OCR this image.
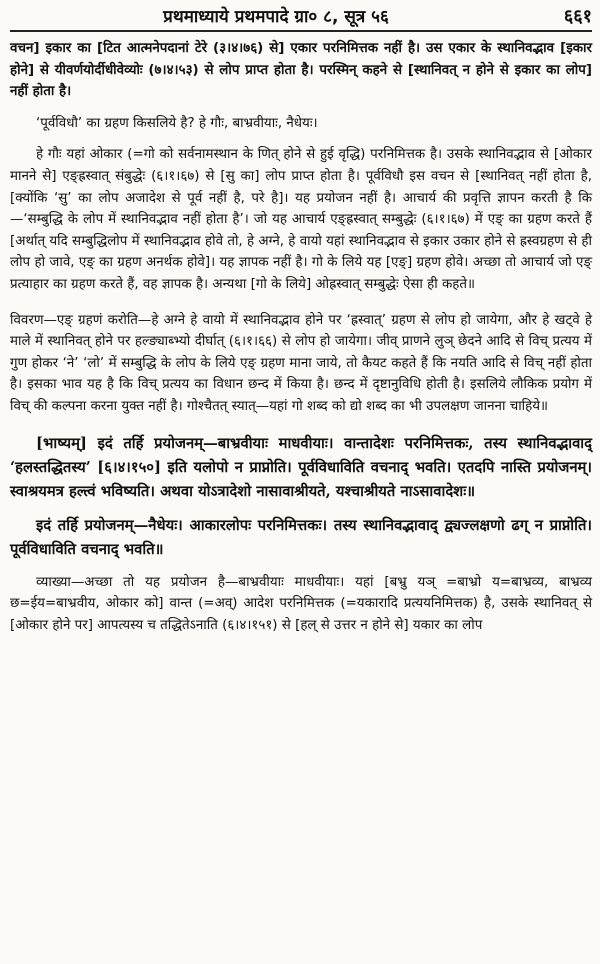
प्रथमाध्याये प्रथमपादे ग्रा० ८, सूत्र ५६	६६१

वचन] इकार का [टित आत्मनेपदानां टेरे (३।४।७६) से] एकार परनिमित्तक नहीं है। उस एकार के स्थानिवद्भाव [इकार होने] से यीवर्णयोर्दीधीवेव्योः (७।४।५३) से लोप प्राप्त होता है। परस्मिन् कहने से [स्थानिवत् न होने से इकार का लोप] नहीं होता है।

‘पूर्वविधौ’ का ग्रहण किसलिये है? हे गौः, बाभ्रवीयाः, नैधेयः।

हे गौः यहां ओकार (=गो को सर्वनामस्थान के णित् होने से हुई वृद्धि) परनिमित्तक है। उसके स्थानिवद्भाव से [ओकार मानने से] एङ्ह्रस्वात् संबुद्धेः (६।१।६७) से [सु का] लोप प्राप्त होता है। पूर्वविधौ इस वचन से [स्थानिवत् नहीं होता है, [क्योंकि ‘सु’ का लोप अजादेश से पूर्व नहीं है, परे है]। यह प्रयोजन नहीं है। आचार्य की प्रवृत्ति ज्ञापन करती है कि—‘सम्बुद्धि के लोप में स्थानिवद्भाव नहीं होता है’। जो यह आचार्य एङ्ह्रस्वात् सम्बुद्धेः (६।१।६७) में एङ् का ग्रहण करते हैं [अर्थात् यदि सम्बुद्धिलोप में स्थानिवद्भाव होवे तो, हे अग्ने, हे वायो यहां स्थानिवद्भाव से इकार उकार होने से ह्रस्वग्रहण से ही लोप हो जावे, एङ् का ग्रहण अनर्थक होवे]। यह ज्ञापक नहीं है। गो के लिये यह [एङ्] ग्रहण होवे। अच्छा तो आचार्य जो एङ् प्रत्याहार का ग्रहण करते हैं, वह ज्ञापक है। अन्यथा [गो के लिये] ओह्रस्वात् सम्बुद्धेः ऐसा ही कहते॥

विवरण—एङ् ग्रहणं करोति—हे अग्ने हे वायो में स्थानिवद्भाव होने पर ‘ह्रस्वात्’ ग्रहण से लोप हो जायेगा, और हे खट्वे हे माले में स्थानिवत् होने पर हल्ङ्याब्भ्यो दीर्घात् (६।१।६६) से लोप हो जायेगा। जीव् प्राणने लुञ् छेदने आदि से विच् प्रत्यय में गुण होकर ‘ने’ ‘लो’ में सम्बुद्धि के लोप के लिये एङ् ग्रहण माना जाये, तो कैयट कहते हैं कि नयति आदि से विच् नहीं होता है। इसका भाव यह है कि विच् प्रत्यय का विधान छन्द में किया है। छन्द में दृष्टानुविधि होती है। इसलिये लौकिक प्रयोग में विच् की कल्पना करना युक्त नहीं है। गोश्चैतत् स्यात्—यहां गो शब्द को द्यो शब्द का भी उपलक्षण जानना चाहिये॥

[भाष्यम्] इदं तर्हि प्रयोजनम्—बाभ्रवीयाः माधवीयाः। वान्तादेशः परनिमित्तकः, तस्य स्थानिवद्भावाद् ‘हलस्तद्धितस्य’ [६।४।१५०] इति यलोपो न प्राप्नोति। पूर्वविधाविति वचनाद् भवति। एतदपि नास्ति प्रयोजनम्। स्वाश्रयमत्र हल्त्वं भविष्यति। अथवा योऽत्रादेशो नासावाश्रीयते, यश्चाश्रीयते नाऽसावादेशः॥

इदं तर्हि प्रयोजनम्—नैधेयः। आकारलोपः परनिमित्तकः। तस्य स्थानिवद्भावाद् द्व्यज्लक्षणो ढग् न प्राप्नोति। पूर्वविधाविति वचनाद् भवति॥

व्याख्या—अच्छा तो यह प्रयोजन है—बाभ्रवीयाः माधवीयाः। यहां [बभ्रु यञ् =बाभ्रो य=बाभ्रव्य, बाभ्रव्य छ=ईय=बाभ्रवीय, ओकार को] वान्त (=अव्) आदेश परनिमित्तक (=यकारादि प्रत्ययनिमित्तक) है, उसके स्थानिवत् से [ओकार होने पर] आपत्यस्य च तद्धितेऽनाति (६।४।१५१) से [हल् से उत्तर न होने से] यकार का लोप
